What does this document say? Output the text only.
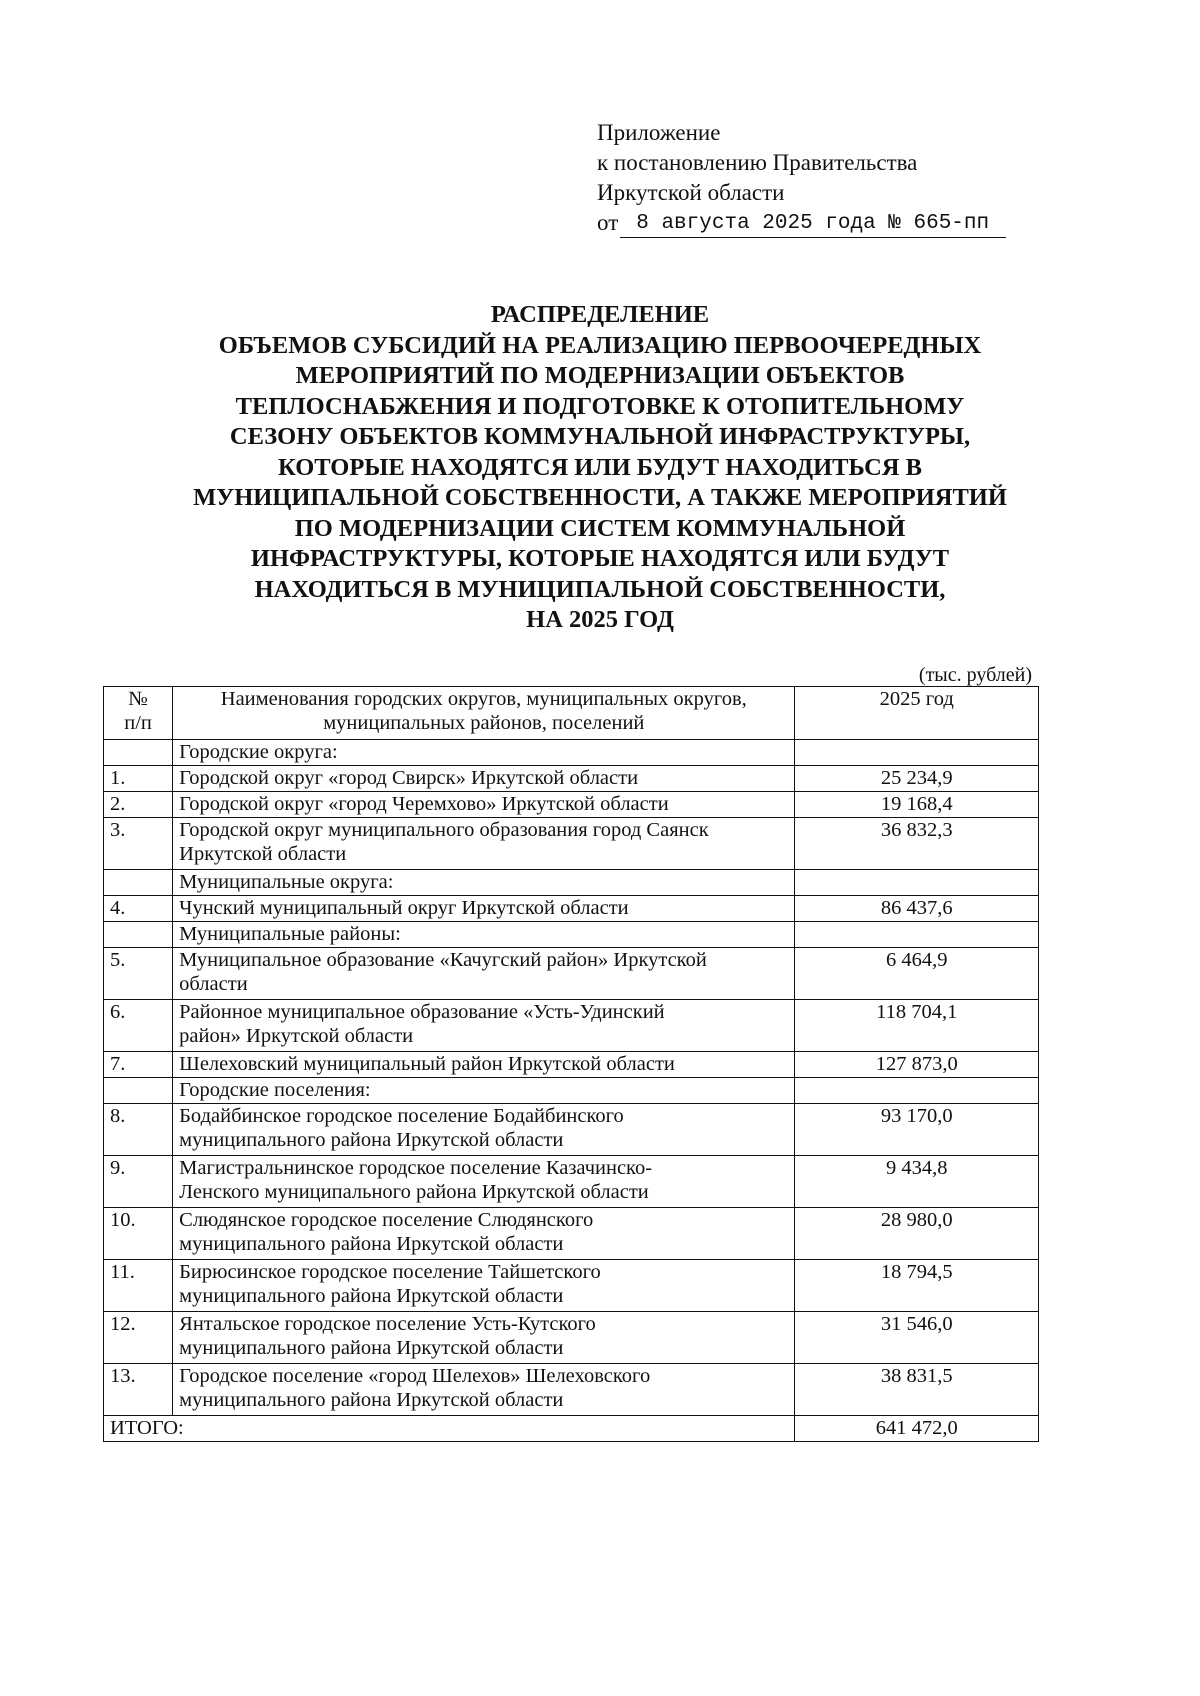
Приложение
к постановлению Правительства
Иркутской области
от 8 августа 2025 года № 665-пп
РАСПРЕДЕЛЕНИЕ
ОБЪЕМОВ СУБСИДИЙ НА РЕАЛИЗАЦИЮ ПЕРВООЧЕРЕДНЫХ
МЕРОПРИЯТИЙ ПО МОДЕРНИЗАЦИИ ОБЪЕКТОВ
ТЕПЛОСНАБЖЕНИЯ И ПОДГОТОВКЕ К ОТОПИТЕЛЬНОМУ
СЕЗОНУ ОБЪЕКТОВ КОММУНАЛЬНОЙ ИНФРАСТРУКТУРЫ,
КОТОРЫЕ НАХОДЯТСЯ ИЛИ БУДУТ НАХОДИТЬСЯ В
МУНИЦИПАЛЬНОЙ СОБСТВЕННОСТИ, А ТАКЖЕ МЕРОПРИЯТИЙ
ПО МОДЕРНИЗАЦИИ СИСТЕМ КОММУНАЛЬНОЙ
ИНФРАСТРУКТУРЫ, КОТОРЫЕ НАХОДЯТСЯ ИЛИ БУДУТ
НАХОДИТЬСЯ В МУНИЦИПАЛЬНОЙ СОБСТВЕННОСТИ,
НА 2025 ГОД
(тыс. рублей)
№
п/п	Наименования городских округов, муниципальных округов,
муниципальных районов, поселений	2025 год

	Городские округа:	

1.	Городской округ «город Свирск» Иркутской области	25 234,9
2.	Городской округ «город Черемхово» Иркутской области	19 168,4
3.	Городской округ муниципального образования город Саянск
Иркутской области	36 832,3

	Муниципальные округа:	

4.	Чунский муниципальный округ Иркутской области	86 437,6

	Муниципальные районы:	

5.	Муниципальное образование «Качугский район» Иркутской
области	6 464,9
6.	Районное муниципальное образование «Усть-Удинский
район» Иркутской области	118 704,1
7.	Шелеховский муниципальный район Иркутской области	127 873,0

	Городские поселения:	

8.	Бодайбинское городское поселение Бодайбинского
муниципального района Иркутской области	93 170,0
9.	Магистральнинское городское поселение Казачинско-
Ленского муниципального района Иркутской области	9 434,8
10.	Слюдянское городское поселение Слюдянского
муниципального района Иркутской области	28 980,0
11.	Бирюсинское городское поселение Тайшетского
муниципального района Иркутской области	18 794,5
12.	Янтальское городское поселение Усть-Кутского
муниципального района Иркутской области	31 546,0
13.	Городское поселение «город Шелехов» Шелеховского
муниципального района Иркутской области	38 831,5
ИТОГО:		641 472,0
